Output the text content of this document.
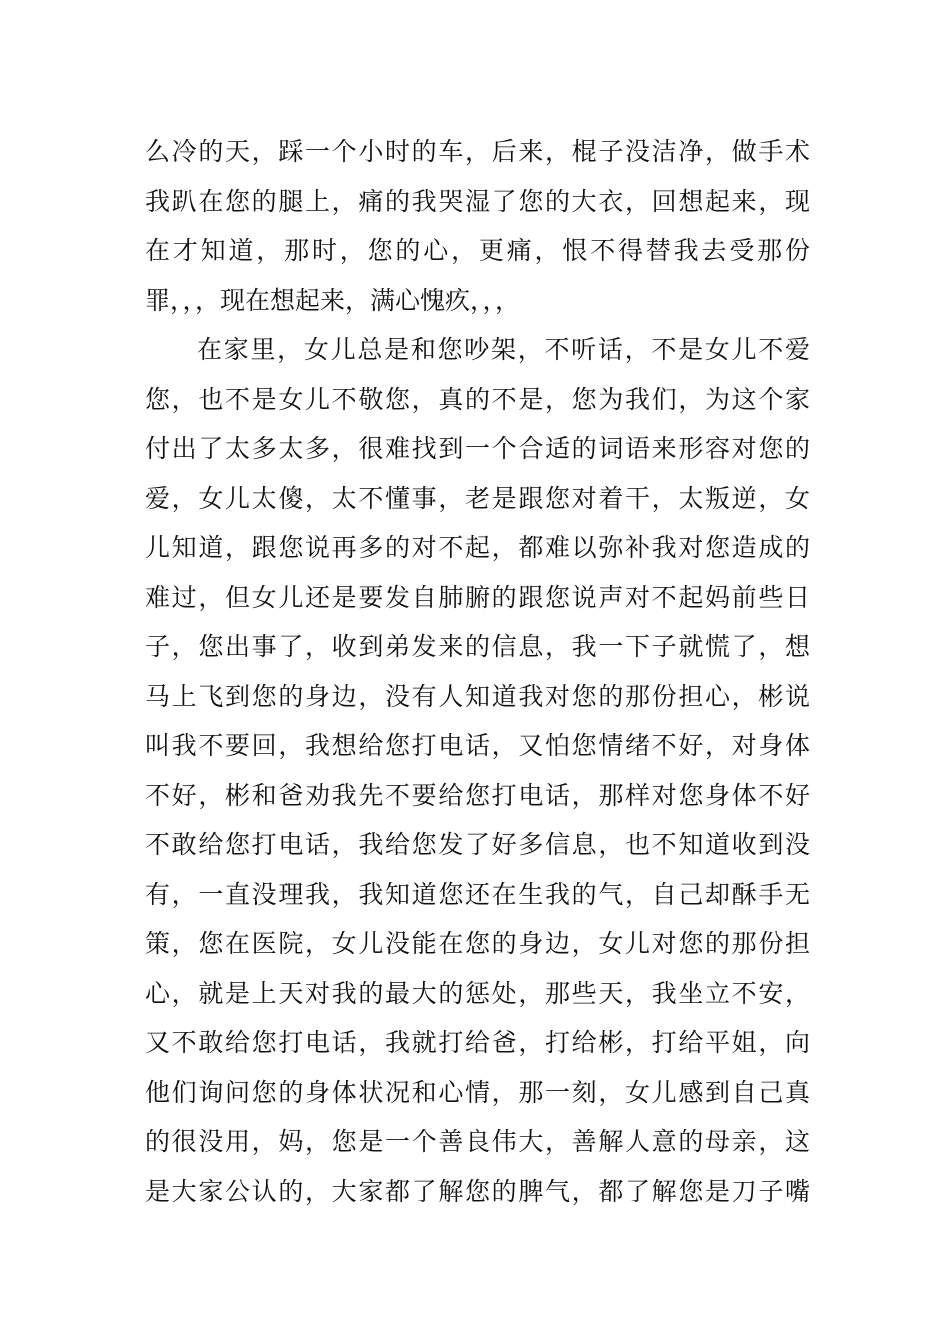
么冷的天，踩一个小时的车，后来，棍子没洁净，做手术
我趴在您的腿上，痛的我哭湿了您的大衣，回想起来，现
在才知道，那时，您的心，更痛，恨不得替我去受那份
罪，，，现在想起来，满心愧疚，，，
在家里，女儿总是和您吵架，不听话，不是女儿不爱
您，也不是女儿不敬您，真的不是，您为我们，为这个家
付出了太多太多，很难找到一个合适的词语来形容对您的
爱，女儿太傻，太不懂事，老是跟您对着干，太叛逆，女
儿知道，跟您说再多的对不起，都难以弥补我对您造成的
难过，但女儿还是要发自肺腑的跟您说声对不起妈前些日
子，您出事了，收到弟发来的信息，我一下子就慌了，想
马上飞到您的身边，没有人知道我对您的那份担心，彬说
叫我不要回，我想给您打电话，又怕您情绪不好，对身体
不好，彬和爸劝我先不要给您打电话，那样对您身体不好
不敢给您打电话，我给您发了好多信息，也不知道收到没
有，一直没理我，我知道您还在生我的气，自己却酥手无
策，您在医院，女儿没能在您的身边，女儿对您的那份担
心，就是上天对我的最大的惩处，那些天，我坐立不安，
又不敢给您打电话，我就打给爸，打给彬，打给平姐，向
他们询问您的身体状况和心情，那一刻，女儿感到自己真
的很没用，妈，您是一个善良伟大，善解人意的母亲，这
是大家公认的，大家都了解您的脾气，都了解您是刀子嘴
